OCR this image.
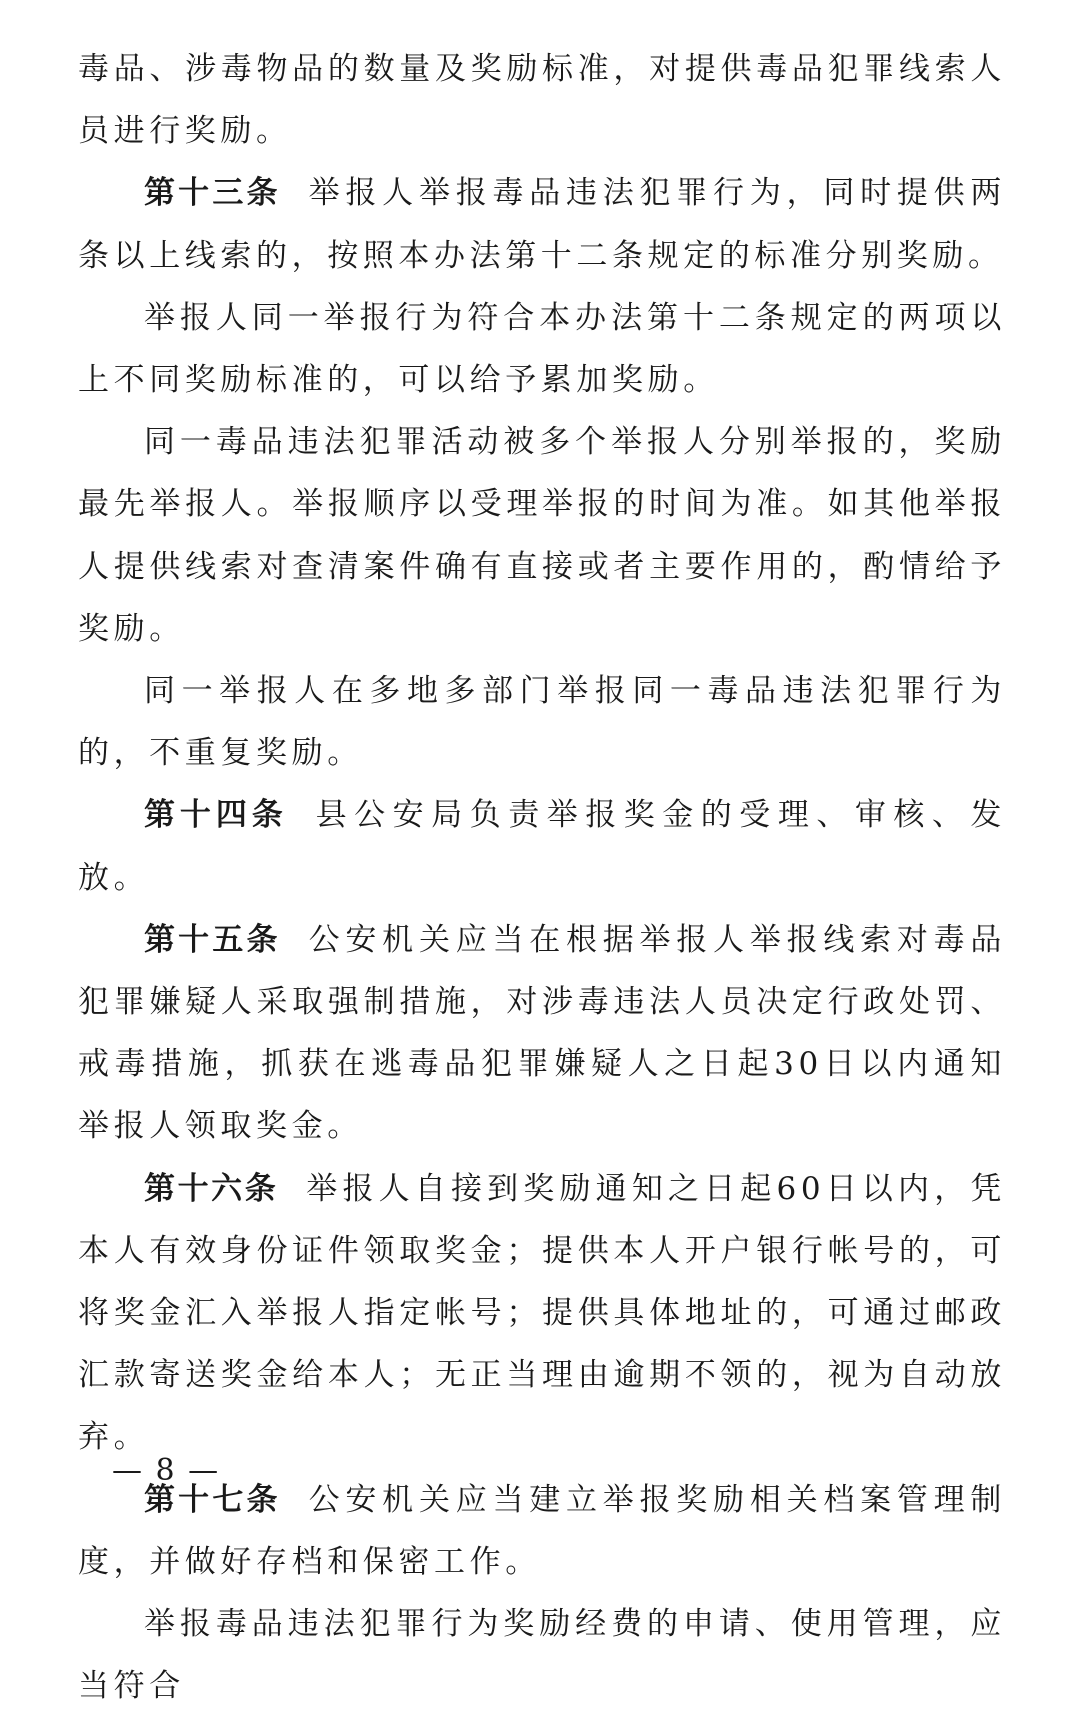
毒品、涉毒物品的数量及奖励标准，对提供毒品犯罪线索人员进行奖励。

第十三条 举报人举报毒品违法犯罪行为，同时提供两条以上线索的，按照本办法第十二条规定的标准分别奖励。

举报人同一举报行为符合本办法第十二条规定的两项以上不同奖励标准的，可以给予累加奖励。

同一毒品违法犯罪活动被多个举报人分别举报的，奖励最先举报人。举报顺序以受理举报的时间为准。如其他举报人提供线索对查清案件确有直接或者主要作用的，酌情给予奖励。

同一举报人在多地多部门举报同一毒品违法犯罪行为的，不重复奖励。

第十四条 县公安局负责举报奖金的受理、审核、发放。

第十五条 公安机关应当在根据举报人举报线索对毒品犯罪嫌疑人采取强制措施，对涉毒违法人员决定行政处罚、戒毒措施，抓获在逃毒品犯罪嫌疑人之日起30日以内通知举报人领取奖金。

第十六条 举报人自接到奖励通知之日起60日以内，凭本人有效身份证件领取奖金；提供本人开户银行帐号的，可将奖金汇入举报人指定帐号；提供具体地址的，可通过邮政汇款寄送奖金给本人；无正当理由逾期不领的，视为自动放弃。

第十七条 公安机关应当建立举报奖励相关档案管理制度，并做好存档和保密工作。

举报毒品违法犯罪行为奖励经费的申请、使用管理，应当符合

— 8 —
